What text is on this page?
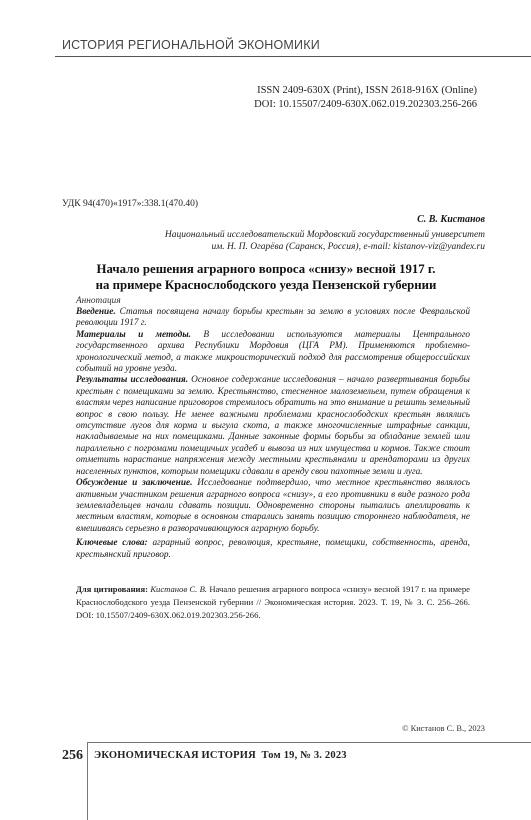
ИСТОРИЯ РЕГИОНАЛЬНОЙ ЭКОНОМИКИ
ISSN 2409-630X (Print), ISSN 2618-916X (Online)
DOI: 10.15507/2409-630X.062.019.202303.256-266
УДК 94(470)«1917»:338.1(470.40)
С. В. Кистанов
Национальный исследовательский Мордовский государственный университет
им. Н. П. Огарёва (Саранск, Россия), e-mail: kistanov-viz@yandex.ru
Начало решения аграрного вопроса «снизу» весной 1917 г.
на примере Краснослободского уезда Пензенской губернии
Аннотация

Введение. Статья посвящена началу борьбы крестьян за землю в условиях после Февральской революции 1917 г.

Материалы и методы. В исследовании используются материалы Центрального государственного архива Республики Мордовия (ЦГА РМ). Применяются проблемно-хронологический метод, а также микроисторический подход для рассмотрения общероссийских событий на уровне уезда.

Результаты исследования. Основное содержание исследования – начало развертывания борьбы крестьян с помещиками за землю. Крестьянство, стесненное малоземельем, путем обращения к властям через написание приговоров стремилось обратить на это внимание и решить земельный вопрос в свою пользу. Не менее важными проблемами краснослободских крестьян являлись отсутствие лугов для корма и выгула скота, а также многочисленные штрафные санкции, накладываемые на них помещиками. Данные законные формы борьбы за обладание землей шли параллельно с погромами помещичьих усадеб и вывоза из них имущества и кормов. Также стоит отметить нарастание напряжения между местными крестьянами и арендаторами из других населенных пунктов, которым помещики сдавали в аренду свои пахотные земли и луга.

Обсуждение и заключение. Исследование подтвердило, что местное крестьянство являлось активным участником решения аграрного вопроса «снизу», а его противники в виде разного рода землевладельцев начали сдавать позиции. Одновременно стороны пытались апеллировать к местным властям, которые в основном старались занять позицию стороннего наблюдателя, не вмешиваясь серьезно в разворачивающуюся аграрную борьбу.

Ключевые слова: аграрный вопрос, революция, крестьяне, помещики, собственность, аренда, крестьянский приговор.

Для цитирования: Кистанов С. В. Начало решения аграрного вопроса «снизу» весной 1917 г. на примере Краснослободского уезда Пензенской губернии // Экономическая история. 2023. Т. 19, № 3. С. 256–266. DOI: 10.15507/2409-630X.062.019.202303.256-266.
© Кистанов С. В., 2023
256 ЭКОНОМИЧЕСКАЯ ИСТОРИЯ  Том 19, № 3. 2023
